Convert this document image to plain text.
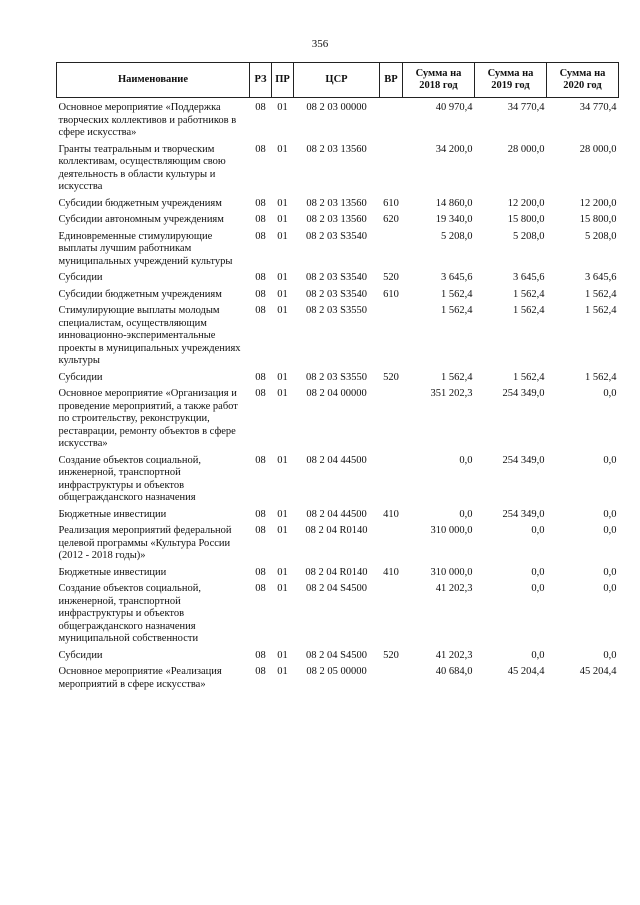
356
Наименование	РЗ	ПР	ЦСР	ВР	Сумма на 2018 год	Сумма на 2019 год	Сумма на 2020 год
Основное мероприятие «Поддержка творческих коллективов и работников в сфере искусства»	08	01	08 2 03 00000		40 970,4	34 770,4	34 770,4
Гранты театральным и творческим коллективам, осуществляющим свою деятельность в области культуры и искусства	08	01	08 2 03 13560		34 200,0	28 000,0	28 000,0
Субсидии бюджетным учреждениям	08	01	08 2 03 13560	610	14 860,0	12 200,0	12 200,0
Субсидии автономным учреждениям	08	01	08 2 03 13560	620	19 340,0	15 800,0	15 800,0
Единовременные стимулирующие выплаты лучшим работникам муниципальных учреждений культуры	08	01	08 2 03 S3540		5 208,0	5 208,0	5 208,0
Субсидии	08	01	08 2 03 S3540	520	3 645,6	3 645,6	3 645,6
Субсидии бюджетным учреждениям	08	01	08 2 03 S3540	610	1 562,4	1 562,4	1 562,4
Стимулирующие выплаты молодым специалистам, осуществляющим инновационно-экспериментальные проекты в муниципальных учреждениях культуры	08	01	08 2 03 S3550		1 562,4	1 562,4	1 562,4
Субсидии	08	01	08 2 03 S3550	520	1 562,4	1 562,4	1 562,4
Основное мероприятие «Организация и проведение мероприятий, а также работ по строительству, реконструкции, реставрации, ремонту объектов в сфере искусства»	08	01	08 2 04 00000		351 202,3	254 349,0	0,0
Создание объектов социальной, инженерной, транспортной инфраструктуры и объектов общегражданского назначения	08	01	08 2 04 44500		0,0	254 349,0	0,0
Бюджетные инвестиции	08	01	08 2 04 44500	410	0,0	254 349,0	0,0
Реализация мероприятий федеральной целевой программы «Культура России (2012 - 2018 годы)»	08	01	08 2 04 R0140		310 000,0	0,0	0,0
Бюджетные инвестиции	08	01	08 2 04 R0140	410	310 000,0	0,0	0,0
Создание объектов социальной, инженерной, транспортной инфраструктуры и объектов общегражданского назначения муниципальной собственности	08	01	08 2 04 S4500		41 202,3	0,0	0,0
Субсидии	08	01	08 2 04 S4500	520	41 202,3	0,0	0,0
Основное мероприятие «Реализация мероприятий в сфере искусства»	08	01	08 2 05 00000		40 684,0	45 204,4	45 204,4
